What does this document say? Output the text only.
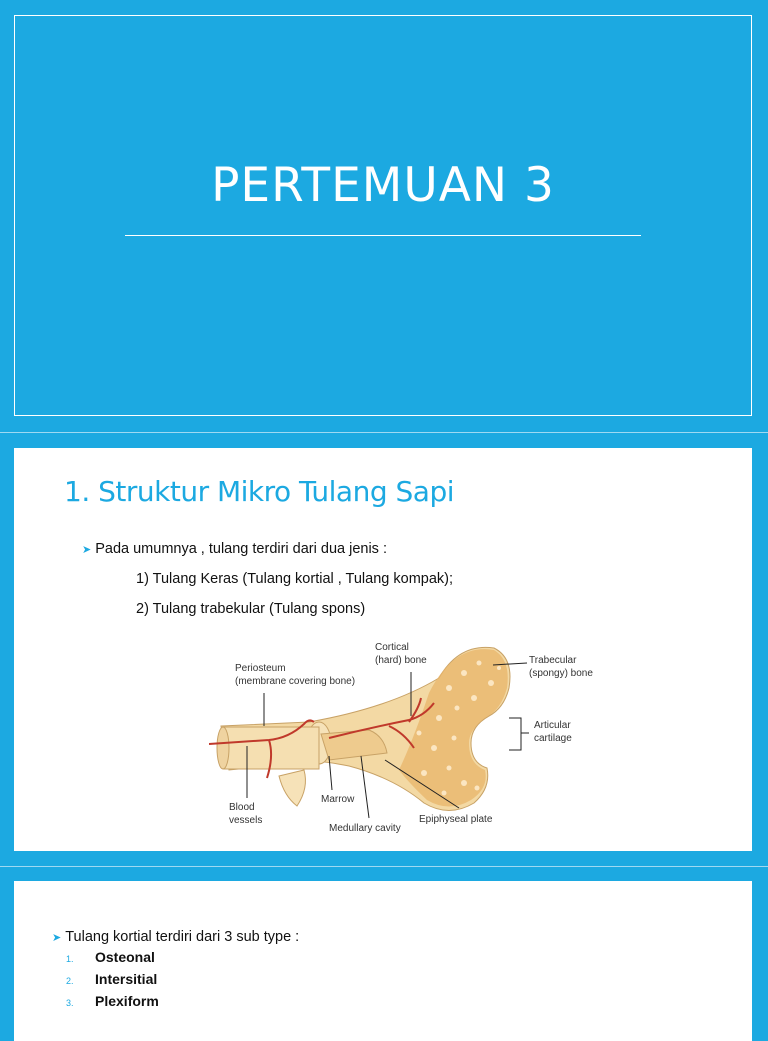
PERTEMUAN 3
1. Struktur Mikro Tulang Sapi
➤ Pada umumnya , tulang terdiri dari dua jenis :
1) Tulang Keras (Tulang kortial , Tulang kompak);
2) Tulang trabekular (Tulang spons)
Periosteum
(membrane covering bone)
Cortical
(hard) bone	Trabecular
(spongy) bone
Articular
cartilage
Blood
vessels
Marrow
Medullary cavity
Epiphyseal plate
➤ Tulang kortial terdiri dari 3 sub type :
1. Osteonal
2. Intersitial
3. Plexiform
